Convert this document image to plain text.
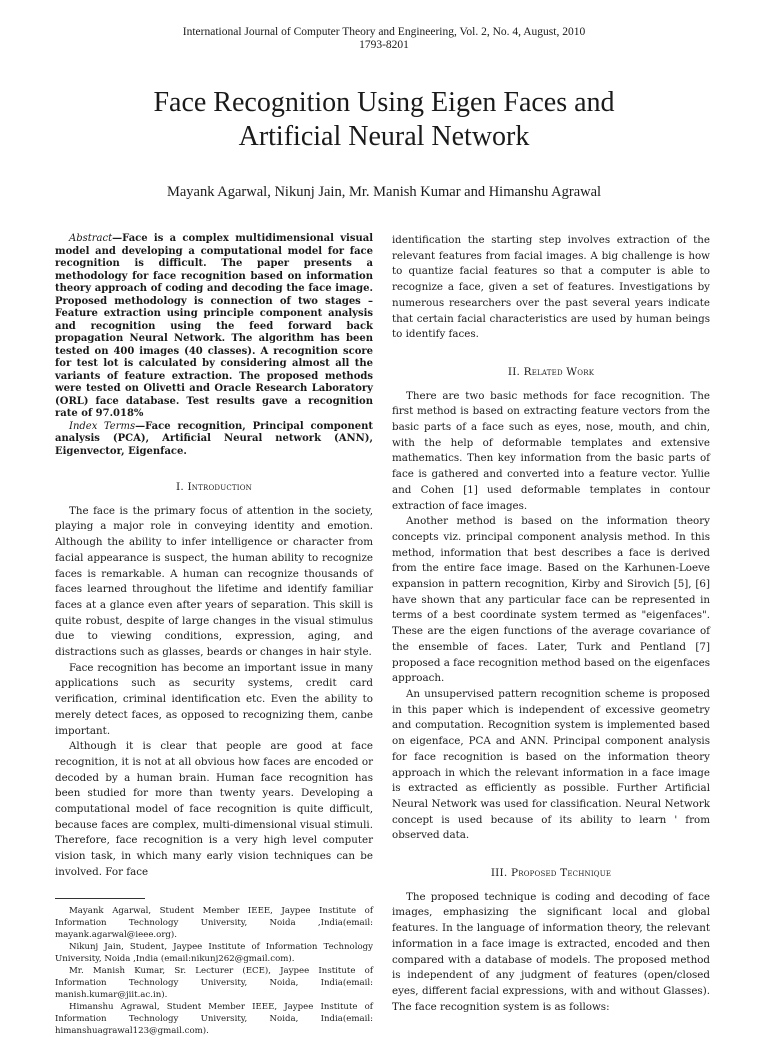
International Journal of Computer Theory and Engineering, Vol. 2, No. 4, August, 2010
1793-8201
Face Recognition Using Eigen Faces and
Artificial Neural Network
Mayank Agarwal, Nikunj Jain, Mr. Manish Kumar and Himanshu Agrawal

Abstract—Face is a complex multidimensional visual model and developing a computational model for face recognition is difficult. The paper presents a methodology for face recognition based on information theory approach of coding and decoding the face image. Proposed methodology is connection of two stages – Feature extraction using principle component analysis and recognition using the feed forward back propagation Neural Network. The algorithm has been tested on 400 images (40 classes). A recognition score for test lot is calculated by considering almost all the variants of feature extraction. The proposed methods were tested on Olivetti and Oracle Research Laboratory (ORL) face database. Test results gave a recognition rate of 97.018%

Index Terms—Face recognition, Principal component analysis (PCA), Artificial Neural network (ANN), Eigenvector, Eigenface.

I. Introduction

The face is the primary focus of attention in the society, playing a major role in conveying identity and emotion. Although the ability to infer intelligence or character from facial appearance is suspect, the human ability to recognize faces is remarkable. A human can recognize thousands of faces learned throughout the lifetime and identify familiar faces at a glance even after years of separation. This skill is quite robust, despite of large changes in the visual stimulus due to viewing conditions, expression, aging, and distractions such as glasses, beards or changes in hair style.

Face recognition has become an important issue in many applications such as security systems, credit card verification, criminal identification etc. Even the ability to merely detect faces, as opposed to recognizing them, canbe important.

Although it is clear that people are good at face recognition, it is not at all obvious how faces are encoded or decoded by a human brain. Human face recognition has been studied for more than twenty years. Developing a computational model of face recognition is quite difficult, because faces are complex, multi-dimensional visual stimuli. Therefore, face recognition is a very high level computer vision task, in which many early vision techniques can be involved. For face

Mayank Agarwal, Student Member IEEE, Jaypee Institute of Information Technology University, Noida ,India(email: mayank.agarwal@ieee.org).

Nikunj Jain, Student, Jaypee Institute of Information Technology University, Noida ,India (email:nikunj262@gmail.com).

Mr. Manish Kumar, Sr. Lecturer (ECE), Jaypee Institute of Information Technology University, Noida, India(email: manish.kumar@jiit.ac.in).

Himanshu Agrawal, Student Member IEEE, Jaypee Institute of Information Technology University, Noida, India(email: himanshuagrawal123@gmail.com).

identification the starting step involves extraction of the relevant features from facial images. A big challenge is how to quantize facial features so that a computer is able to recognize a face, given a set of features. Investigations by numerous researchers over the past several years indicate that certain facial characteristics are used by human beings to identify faces.

II. Related Work

There are two basic methods for face recognition. The first method is based on extracting feature vectors from the basic parts of a face such as eyes, nose, mouth, and chin, with the help of deformable templates and extensive mathematics. Then key information from the basic parts of face is gathered and converted into a feature vector. Yullie and Cohen [1] used deformable templates in contour extraction of face images.

Another method is based on the information theory concepts viz. principal component analysis method. In this method, information that best describes a face is derived from the entire face image. Based on the Karhunen-Loeve expansion in pattern recognition, Kirby and Sirovich [5], [6] have shown that any particular face can be represented in terms of a best coordinate system termed as "eigenfaces". These are the eigen functions of the average covariance of the ensemble of faces. Later, Turk and Pentland [7] proposed a face recognition method based on the eigenfaces approach.

An unsupervised pattern recognition scheme is proposed in this paper which is independent of excessive geometry and computation. Recognition system is implemented based on eigenface, PCA and ANN. Principal component analysis for face recognition is based on the information theory approach in which the relevant information in a face image is extracted as efficiently as possible. Further Artificial Neural Network was used for classification. Neural Network concept is used because of its ability to learn ' from observed data.

III. Proposed Technique

The proposed technique is coding and decoding of face images, emphasizing the significant local and global features. In the language of information theory, the relevant information in a face image is extracted, encoded and then compared with a database of models. The proposed method is independent of any judgment of features (open/closed eyes, different facial expressions, with and without Glasses). The face recognition system is as follows:
